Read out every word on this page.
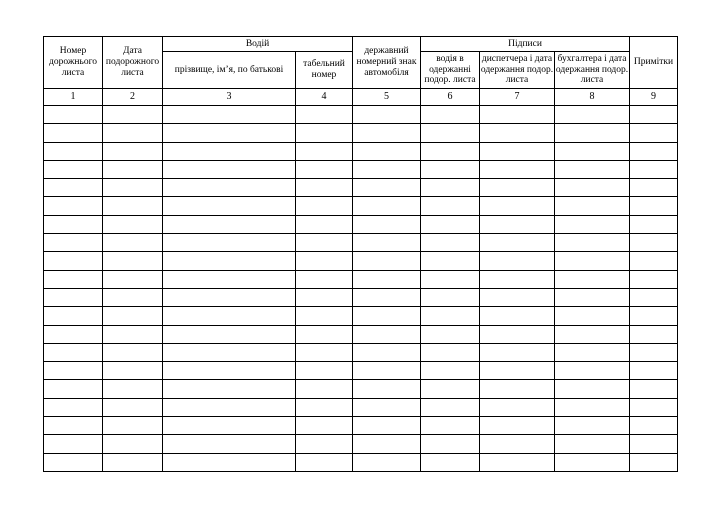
Номер дорожнього листа	Дата подорожного листа	Водій		державний номерний знак автомобіля	Підписи			Примітки
		прізвище, ім’я, по батькові	табельний номер		водія в одержанні подор. листа	диспетчера і дата одержання подор. листа	бухгалтера і дата одержання подор. листа	
1	2	3	4	5	6	7	8	9
